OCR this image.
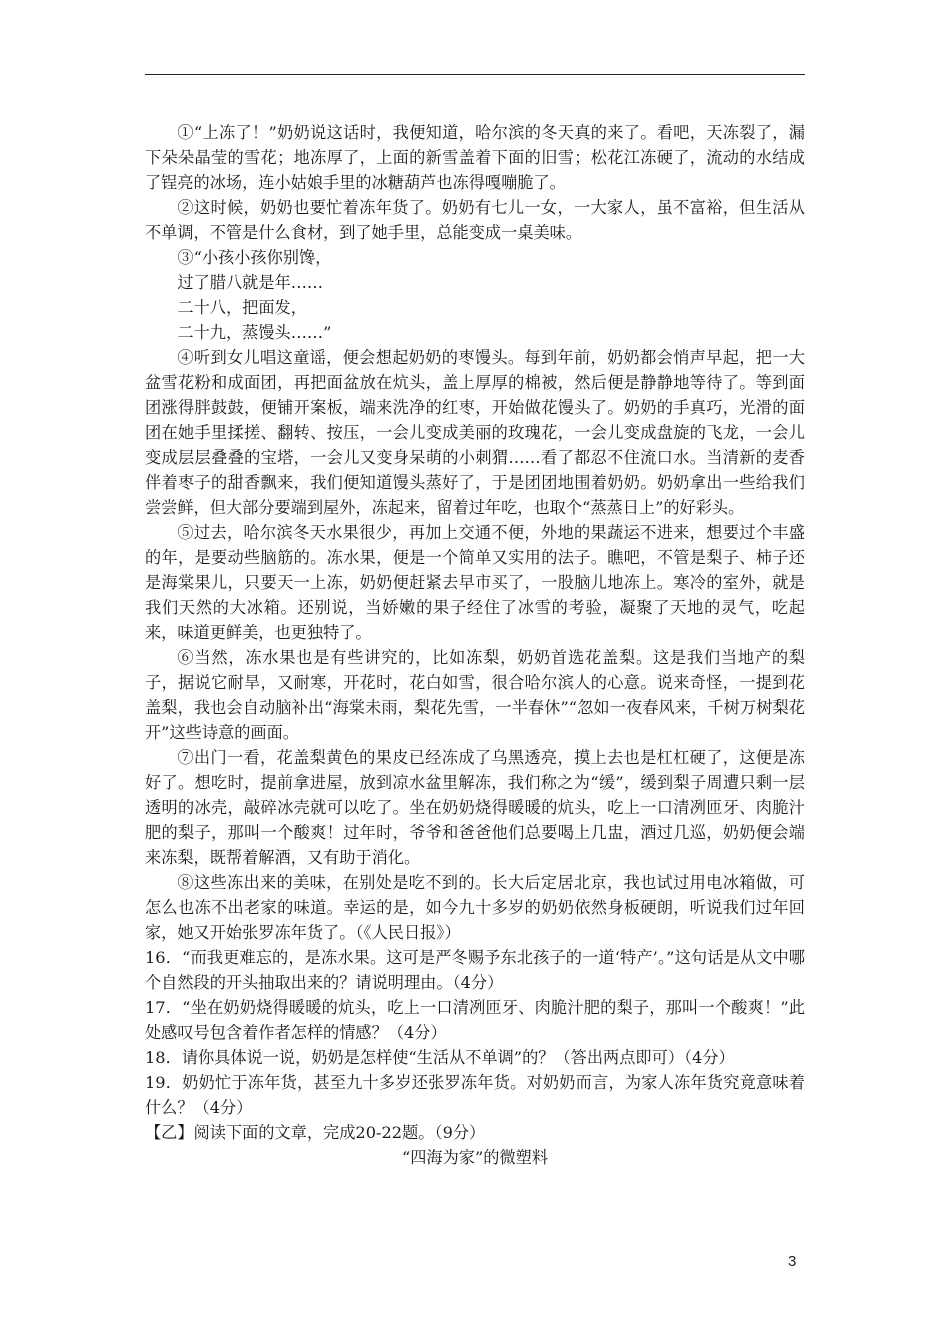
①“上冻了！”奶奶说这话时，我便知道，哈尔滨的冬天真的来了。看吧，天冻裂了，漏下朵朵晶莹的雪花；地冻厚了，上面的新雪盖着下面的旧雪；松花江冻硬了，流动的水结成了锃亮的冰场，连小姑娘手里的冰糖葫芦也冻得嘎嘣脆了。

②这时候，奶奶也要忙着冻年货了。奶奶有七儿一女，一大家人，虽不富裕，但生活从不单调，不管是什么食材，到了她手里，总能变成一桌美味。

③“小孩小孩你别馋，

过了腊八就是年……

二十八，把面发，

二十九，蒸馒头……”

④听到女儿唱这童谣，便会想起奶奶的枣馒头。每到年前，奶奶都会悄声早起，把一大盆雪花粉和成面团，再把面盆放在炕头，盖上厚厚的棉被，然后便是静静地等待了。等到面团涨得胖鼓鼓，便铺开案板，端来洗净的红枣，开始做花馒头了。奶奶的手真巧，光滑的面团在她手里揉搓、翻转、按压，一会儿变成美丽的玫瑰花，一会儿变成盘旋的飞龙，一会儿变成层层叠叠的宝塔，一会儿又变身呆萌的小刺猬……看了都忍不住流口水。当清新的麦香伴着枣子的甜香飘来，我们便知道馒头蒸好了，于是团团地围着奶奶。奶奶拿出一些给我们尝尝鲜，但大部分要端到屋外，冻起来，留着过年吃，也取个“蒸蒸日上”的好彩头。

⑤过去，哈尔滨冬天水果很少，再加上交通不便，外地的果蔬运不进来，想要过个丰盛的年，是要动些脑筋的。冻水果，便是一个简单又实用的法子。瞧吧，不管是梨子、柿子还是海棠果儿，只要天一上冻，奶奶便赶紧去早市买了，一股脑儿地冻上。寒冷的室外，就是我们天然的大冰箱。还别说，当娇嫩的果子经住了冰雪的考验，凝聚了天地的灵气，吃起来，味道更鲜美，也更独特了。

⑥当然，冻水果也是有些讲究的，比如冻梨，奶奶首选花盖梨。这是我们当地产的梨子，据说它耐旱，又耐寒，开花时，花白如雪，很合哈尔滨人的心意。说来奇怪，一提到花盖梨，我也会自动脑补出“海棠未雨，梨花先雪，一半春休”“忽如一夜春风来，千树万树梨花开”这些诗意的画面。

⑦出门一看，花盖梨黄色的果皮已经冻成了乌黑透亮，摸上去也是杠杠硬了，这便是冻好了。想吃时，提前拿进屋，放到凉水盆里解冻，我们称之为“缓”，缓到梨子周遭只剩一层透明的冰壳，敲碎冰壳就可以吃了。坐在奶奶烧得暖暖的炕头，吃上一口清冽匝牙、肉脆汁肥的梨子，那叫一个酸爽！过年时，爷爷和爸爸他们总要喝上几盅，酒过几巡，奶奶便会端来冻梨，既帮着解酒，又有助于消化。

⑧这些冻出来的美味，在别处是吃不到的。长大后定居北京，我也试过用电冰箱做，可怎么也冻不出老家的味道。幸运的是，如今九十多岁的奶奶依然身板硬朗，听说我们过年回家，她又开始张罗冻年货了。（《人民日报》）

16．“而我更难忘的，是冻水果。这可是严冬赐予东北孩子的一道‘特产’。”这句话是从文中哪个自然段的开头抽取出来的？请说明理由。（4分）

17．“坐在奶奶烧得暖暖的炕头，吃上一口清冽匝牙、肉脆汁肥的梨子，那叫一个酸爽！”此处感叹号包含着作者怎样的情感？（4分）

18．请你具体说一说，奶奶是怎样使“生活从不单调”的？（答出两点即可）（4分）

19．奶奶忙于冻年货，甚至九十多岁还张罗冻年货。对奶奶而言，为家人冻年货究竟意味着什么？（4分）

【乙】阅读下面的文章，完成20-22题。（9分）

“四海为家”的微塑料

3
